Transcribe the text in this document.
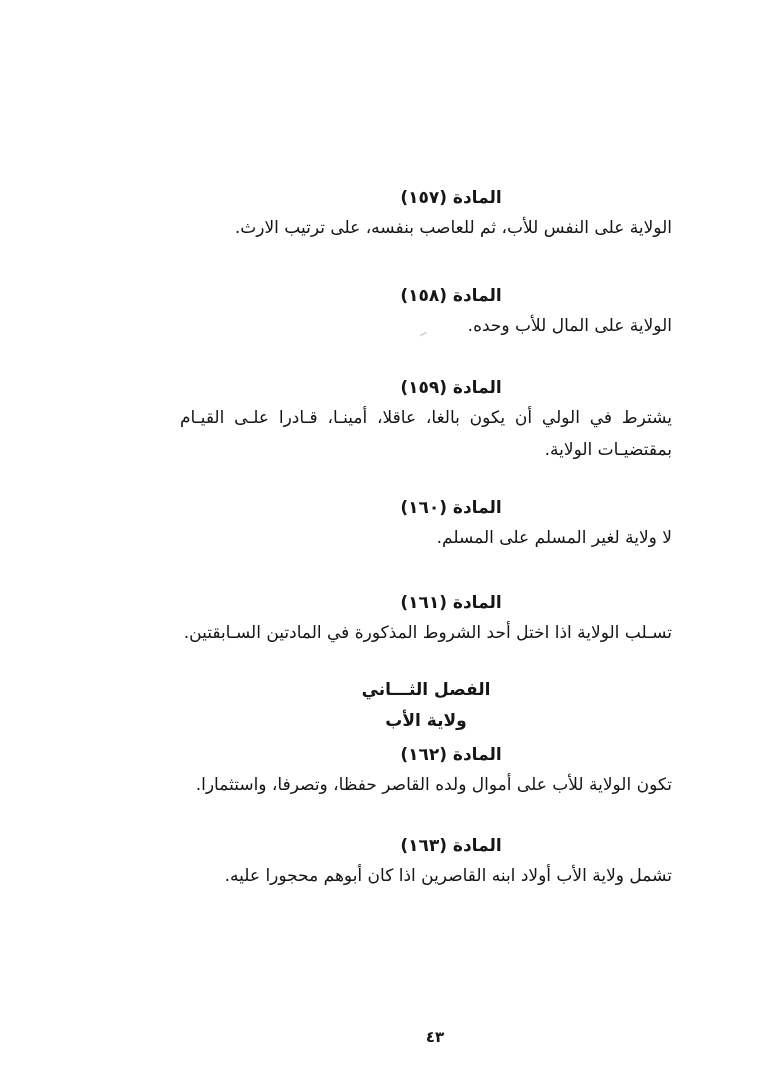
المادة (١٥٧)
الولاية على النفس للأب، ثم للعاصب بنفسه، على ترتيب الارث.
المادة (١٥٨)
الولاية على المال للأب وحده.
المادة (١٥٩)
يشترط في الولي أن يكون بالغا، عاقلا، أمينـا، قـادرا علـى القيـام بمقتضيـات الولاية.
المادة (١٦٠)
لا ولاية لغير المسلم على المسلم.
المادة (١٦١)
تسـلب الولاية اذا اختل أحد الشروط المذكورة في المادتين السـابقتين.
الفصل الثـــاني
ولاية الأب
المادة (١٦٢)
تكون الولاية للأب على أموال ولده القاصر حفظا، وتصرفا، واستثمارا.
المادة (١٦٣)
تشمل ولاية الأب أولاد ابنه القاصرين اذا كان أبوهم محجورا عليه.
٤٣
